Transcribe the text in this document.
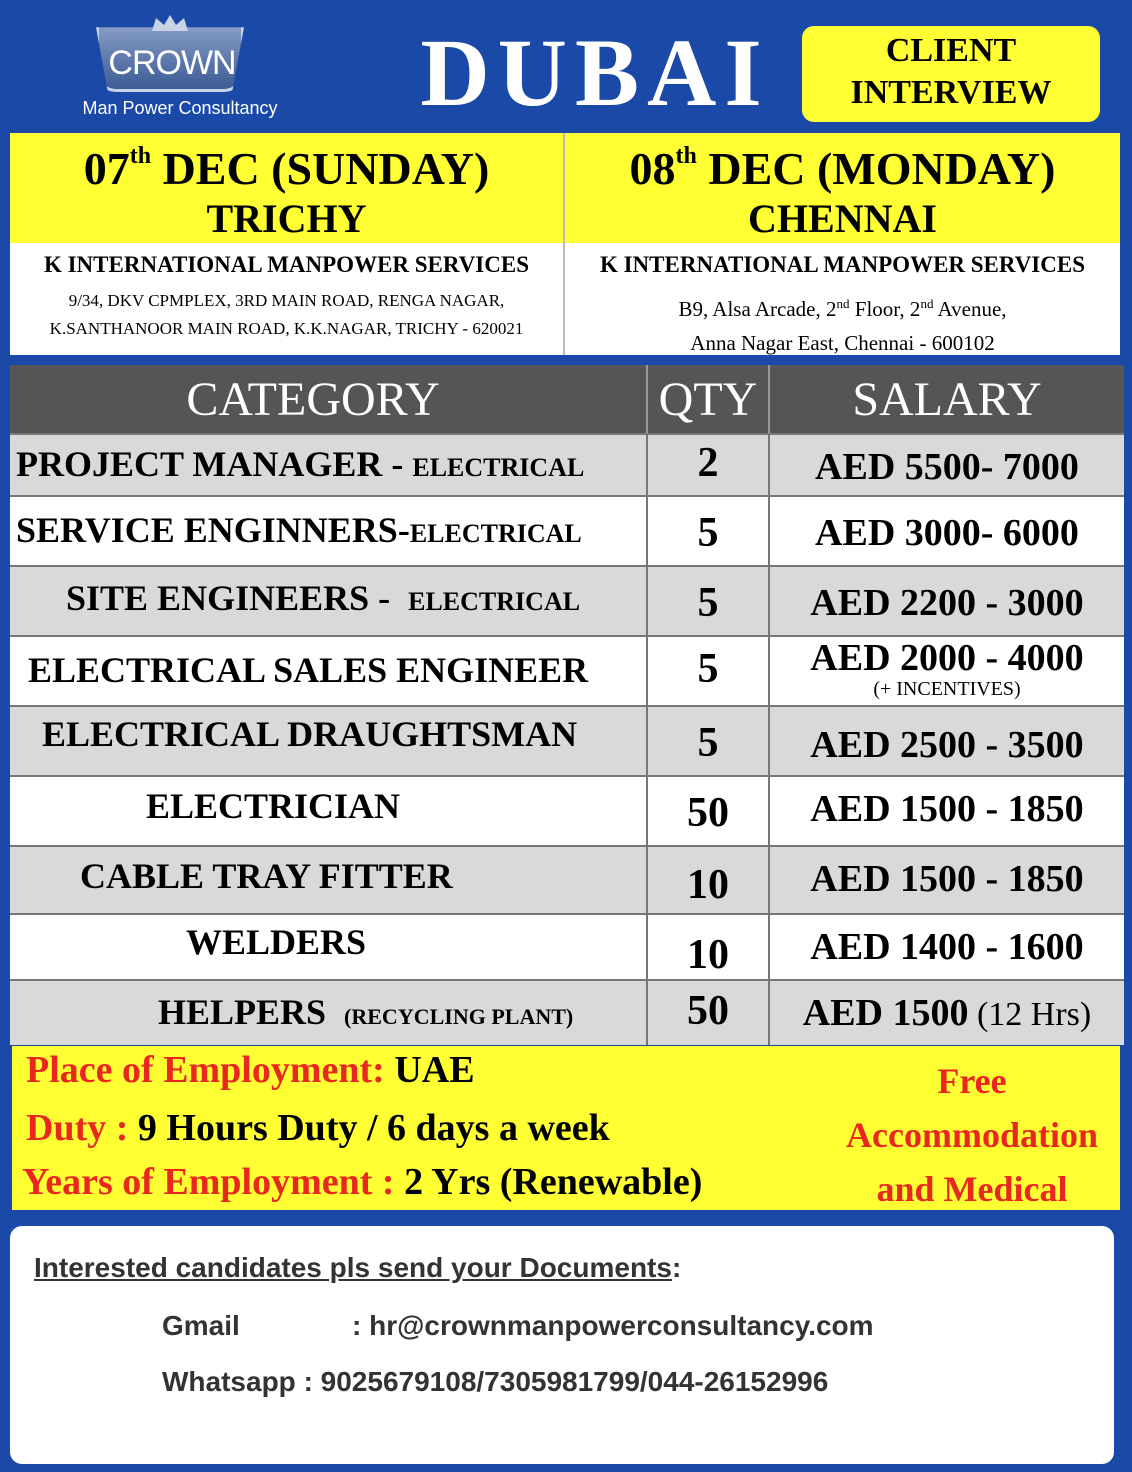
CROWN
Man Power Consultancy DUBAI	CLIENT
INTERVIEW
07th DEC (SUNDAY)
TRICHY
08th DEC (MONDAY)
CHENNAI
K INTERNATIONAL MANPOWER SERVICES
9/34, DKV CPMPLEX, 3RD MAIN ROAD, RENGA NAGAR,
K.SANTHANOOR MAIN ROAD, K.K.NAGAR, TRICHY - 620021
K INTERNATIONAL MANPOWER SERVICES
B9, Alsa Arcade, 2nd Floor, 2nd Avenue,
Anna Nagar East, Chennai - 600102
CATEGORY	QTY	SALARY
PROJECT MANAGER - ELECTRICAL	2	AED 5500- 7000
SERVICE ENGINNERS-ELECTRICAL	5	AED 3000- 6000
SITE ENGINEERS -  ELECTRICAL	5	AED 2200 - 3000
ELECTRICAL SALES ENGINEER	5	AED 2000 - 4000
(+ INCENTIVES)
ELECTRICAL DRAUGHTSMAN	5	AED 2500 - 3500
ELECTRICIAN	50	AED 1500 - 1850
CABLE TRAY FITTER	10	AED 1500 - 1850
WELDERS	10	AED 1400 - 1600
HELPERS (RECYCLING PLANT)	50	AED 1500 (12 Hrs)
Place of Employment: UAE
Duty : 9 Hours Duty / 6 days a week
Years of Employment : 2 Yrs (Renewable)
Free
Accommodation
and Medical
Interested candidates pls send your Documents:
Gmail	: hr@crownmanpowerconsultancy.com
Whatsapp : 9025679108/7305981799/044-26152996
